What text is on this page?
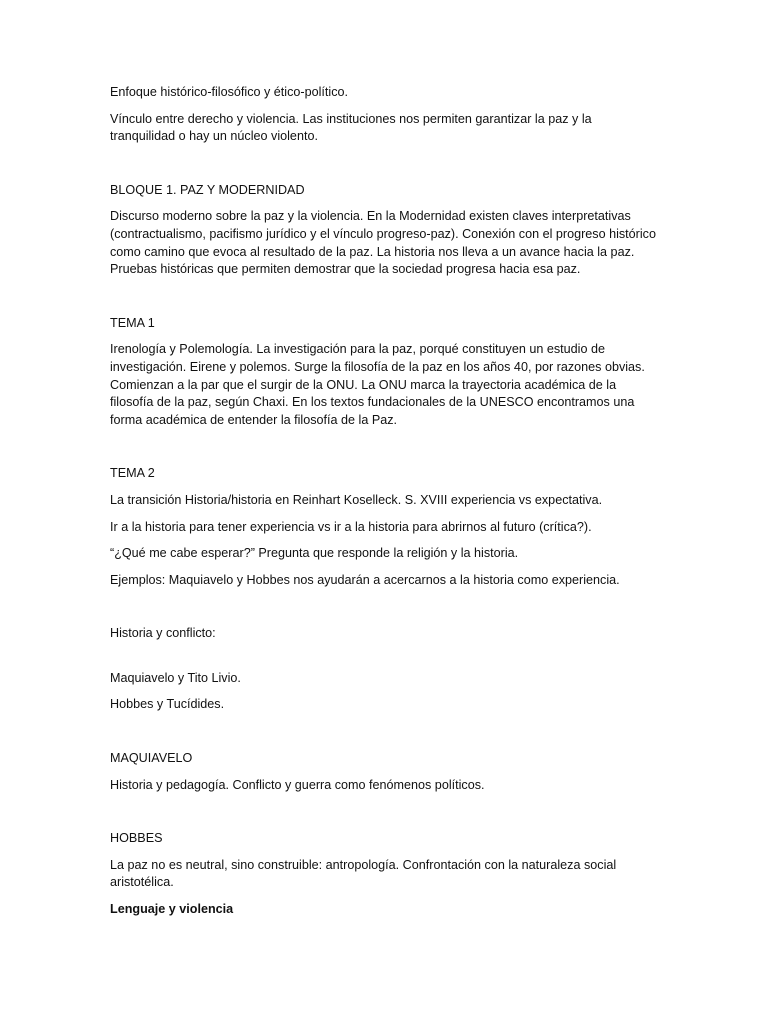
Enfoque histórico-filosófico y ético-político.

Vínculo entre derecho y violencia. Las instituciones nos permiten garantizar la paz y la tranquilidad o hay un núcleo violento.

BLOQUE 1. PAZ Y MODERNIDAD

Discurso moderno sobre la paz y la violencia. En la Modernidad existen claves interpretativas (contractualismo, pacifismo jurídico y el vínculo progreso-paz). Conexión con el progreso histórico como camino que evoca al resultado de la paz. La historia nos lleva a un avance hacia la paz. Pruebas históricas que permiten demostrar que la sociedad progresa hacia esa paz.

TEMA 1

Irenología y Polemología. La investigación para la paz, porqué constituyen un estudio de investigación. Eirene y polemos. Surge la filosofía de la paz en los años 40, por razones obvias. Comienzan a la par que el surgir de la ONU. La ONU marca la trayectoria académica de la filosofía de la paz, según Chaxi. En los textos fundacionales de la UNESCO encontramos una forma académica de entender la filosofía de la Paz.

TEMA 2

La transición Historia/historia en Reinhart Koselleck. S. XVIII experiencia vs expectativa.

Ir a la historia para tener experiencia vs ir a la historia para abrirnos al futuro (crítica?).

“¿Qué me cabe esperar?” Pregunta que responde la religión y la historia.

Ejemplos: Maquiavelo y Hobbes nos ayudarán a acercarnos a la historia como experiencia.

Historia y conflicto:

Maquiavelo y Tito Livio.

Hobbes y Tucídides.

MAQUIAVELO

Historia y pedagogía. Conflicto y guerra como fenómenos políticos.

HOBBES

La paz no es neutral, sino construible: antropología. Confrontación con la naturaleza social aristotélica.

Lenguaje y violencia
